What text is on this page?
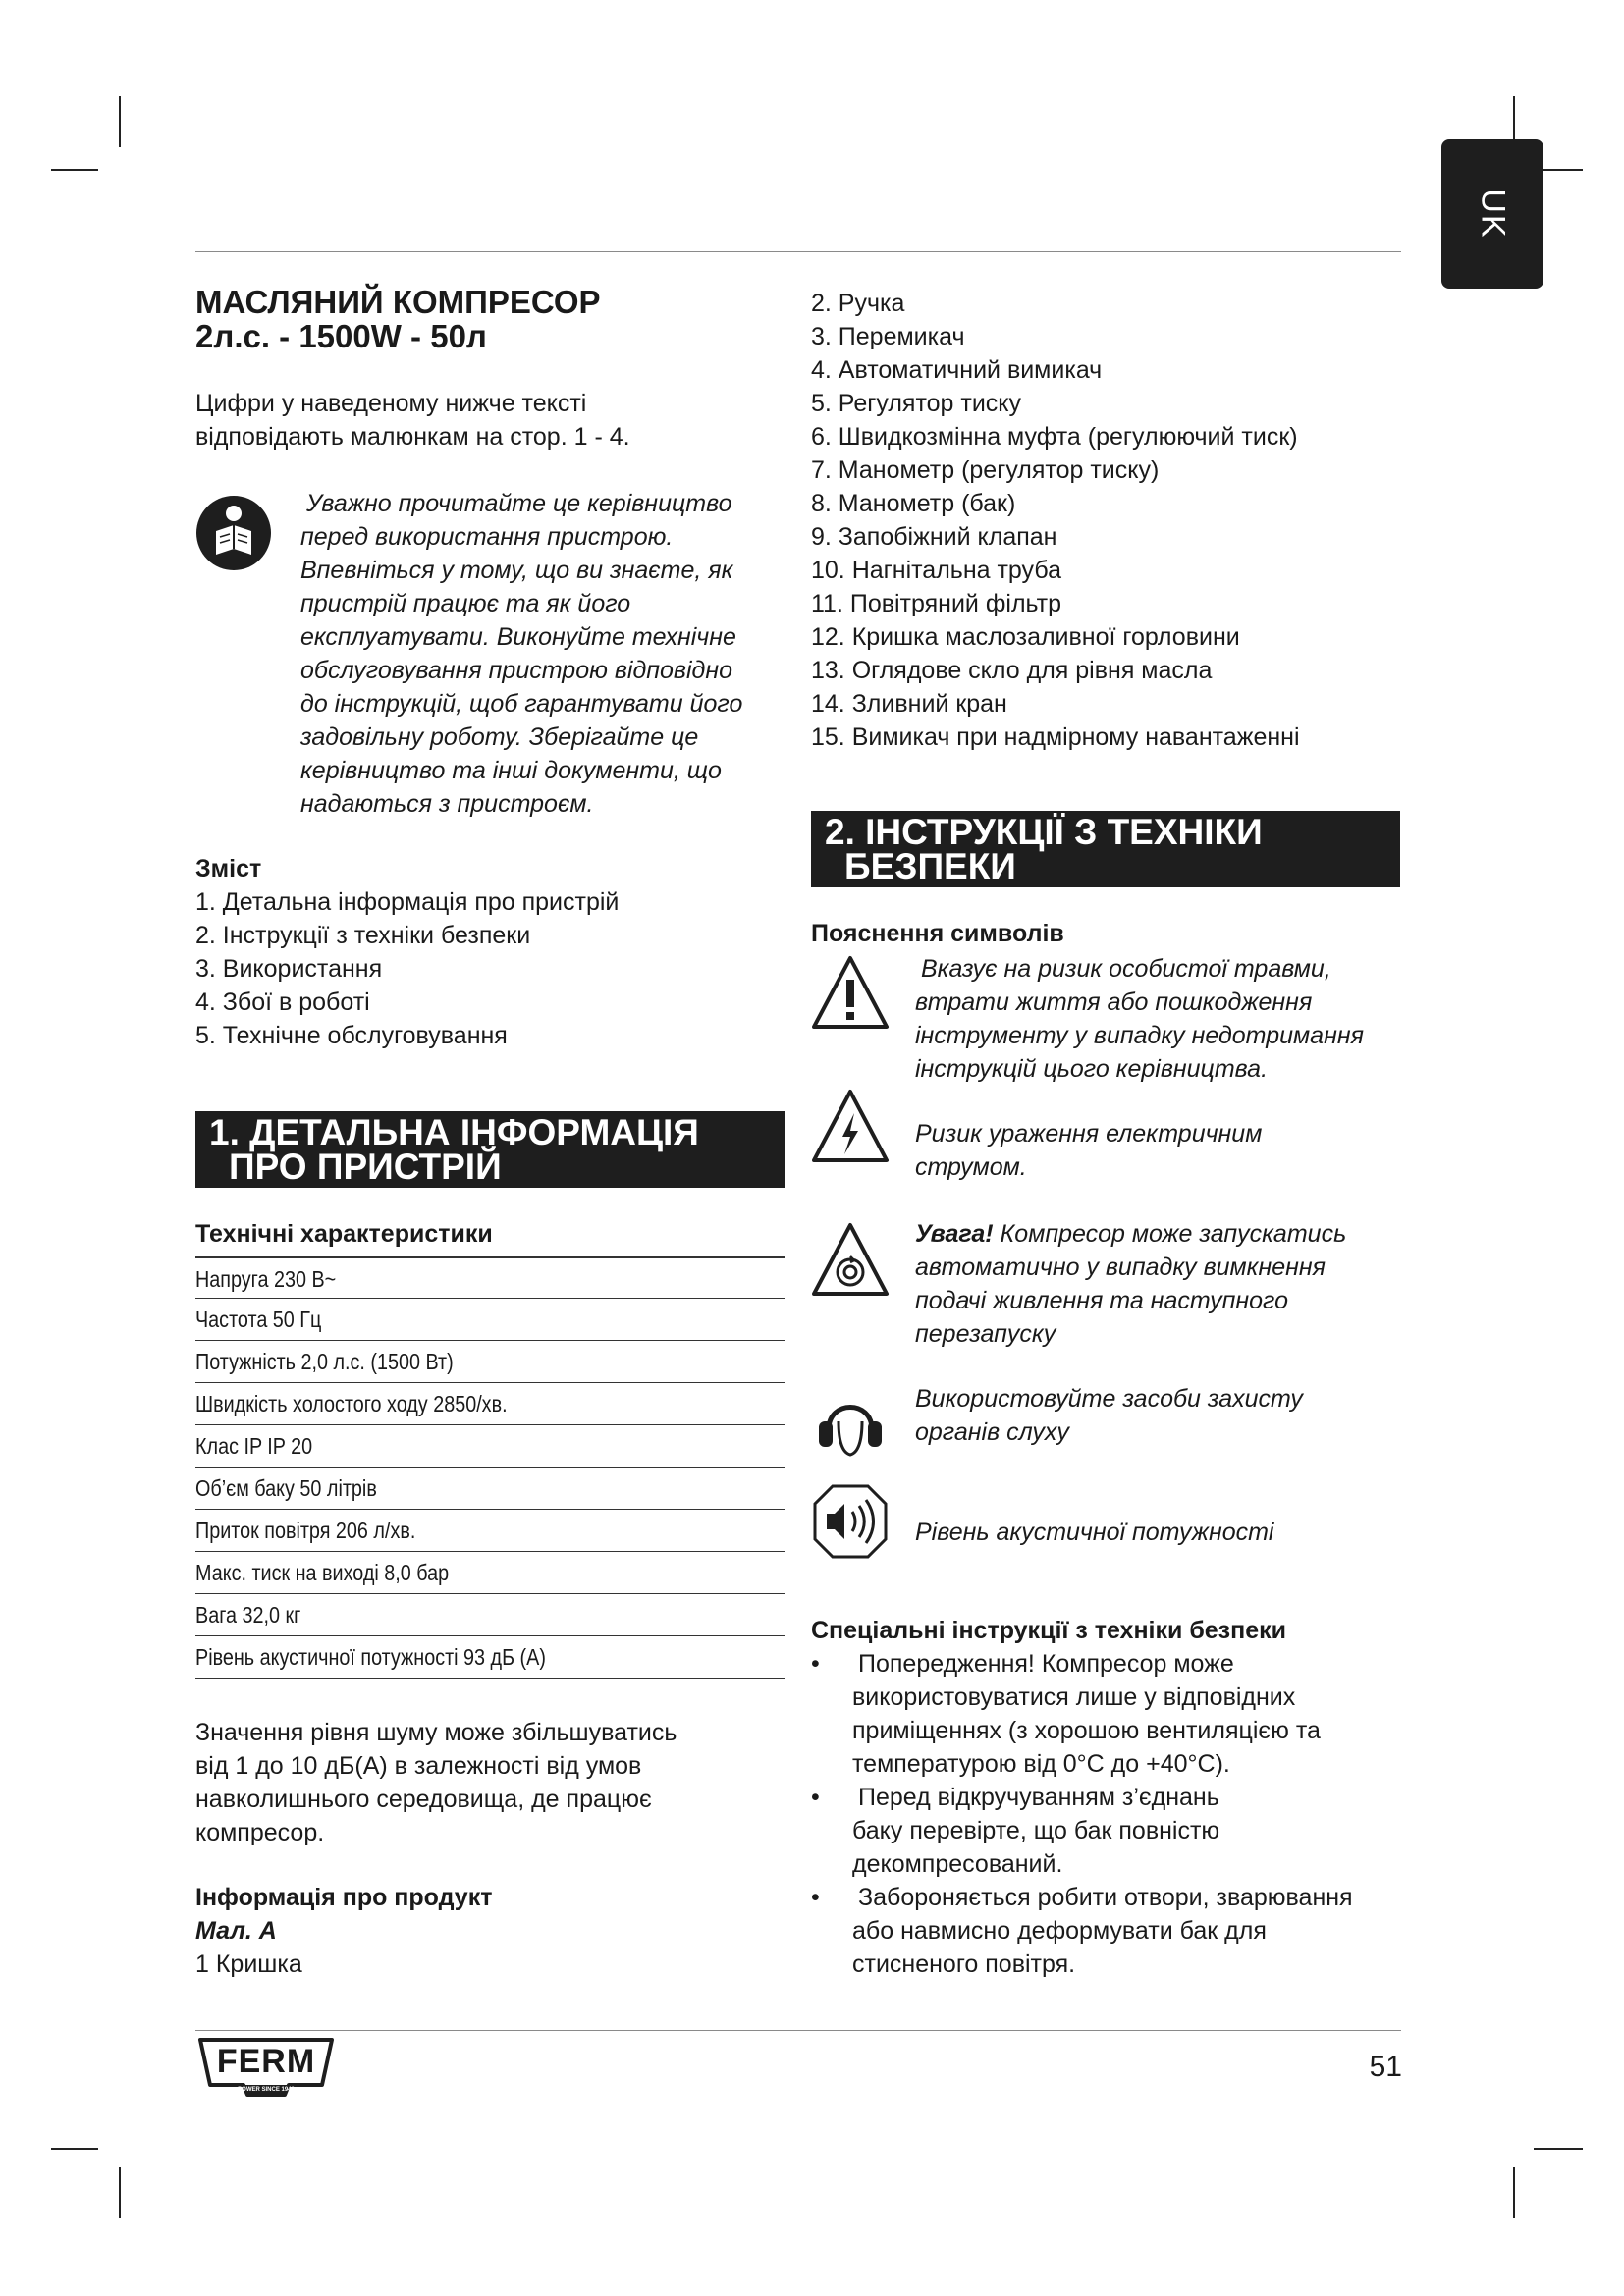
UK
МАСЛЯНИЙ КОМПРЕСОР
2л.с. - 1500W - 50л
Цифри у наведеному нижче тексті
відповідають малюнкам на стор. 1 - 4.
Уважно прочитайте це керівництво
перед використання пристрою.
Впевніться у тому, що ви знаєте, як
пристрій працює та як його
експлуатувати. Виконуйте технічне
обслуговування пристрою відповідно
до інструкцій, щоб гарантувати його
задовільну роботу. Зберігайте це
керівництво та інші документи, що
надаються з пристроєм.
Зміст
1. Детальна інформація про пристрій
2. Інструкції з техніки безпеки
3. Використання
4. Збої в роботі
5. Технічне обслуговування
1. ДЕТАЛЬНА ІНФОРМАЦІЯ
ПРО ПРИСТРІЙ
Технічні характеристики
Напруга 230 В~
Частота 50 Гц
Потужність 2,0 л.с. (1500 Вт)
Швидкість холостого ходу 2850/хв.
Клас IP IP 20
Об’єм баку 50 літрів
Приток повітря 206 л/хв.
Макс. тиск на виході 8,0 бар
Вага 32,0 кг
Рівень акустичної потужності 93 дБ (A)
Значення рівня шуму може збільшуватись
від 1 до 10 дБ(A) в залежності від умов
навколишнього середовища, де працює
компресор.
Інформація про продукт
Мал. A
1 Кришка
2. Ручка
3. Перемикач
4. Автоматичний вимикач
5. Регулятор тиску
6. Швидкозмінна муфта (регулюючий тиск)
7. Манометр (регулятор тиску)
8. Манометр (бак)
9. Запобіжний клапан
10. Нагнітальна труба
11. Повітряний фільтр
12. Кришка маслозаливної горловини
13. Оглядове скло для рівня масла
14. Зливний кран
15. Вимикач при надмірному навантаженні
2. ІНСТРУКЦІЇ З ТЕХНІКИ
БЕЗПЕКИ
Пояснення символів
Вказує на ризик особистої травми,
втрати життя або пошкодження
інструменту у випадку недотримання
інструкцій цього керівництва.
Ризик ураження електричним
струмом.
Увага! Компресор може запускатись
автоматично у випадку вимкнення
подачі живлення та наступного
перезапуску
Використовуйте засоби захисту
органів слуху
Рівень акустичної потужності
Спеціальні інструкції з техніки безпеки
• Попередження! Компресор може
використовуватися лише у відповідних
приміщеннях (з хорошою вентиляцією та
температурою від 0°C до +40°C).
• Перед відкручуванням з’єднань
баку перевірте, що бак повністю
декомпресований.
• Забороняється робити отвори, зварювання
або навмисно деформувати бак для
стисненого повітря.
FERM
POWER SINCE 1949
51
